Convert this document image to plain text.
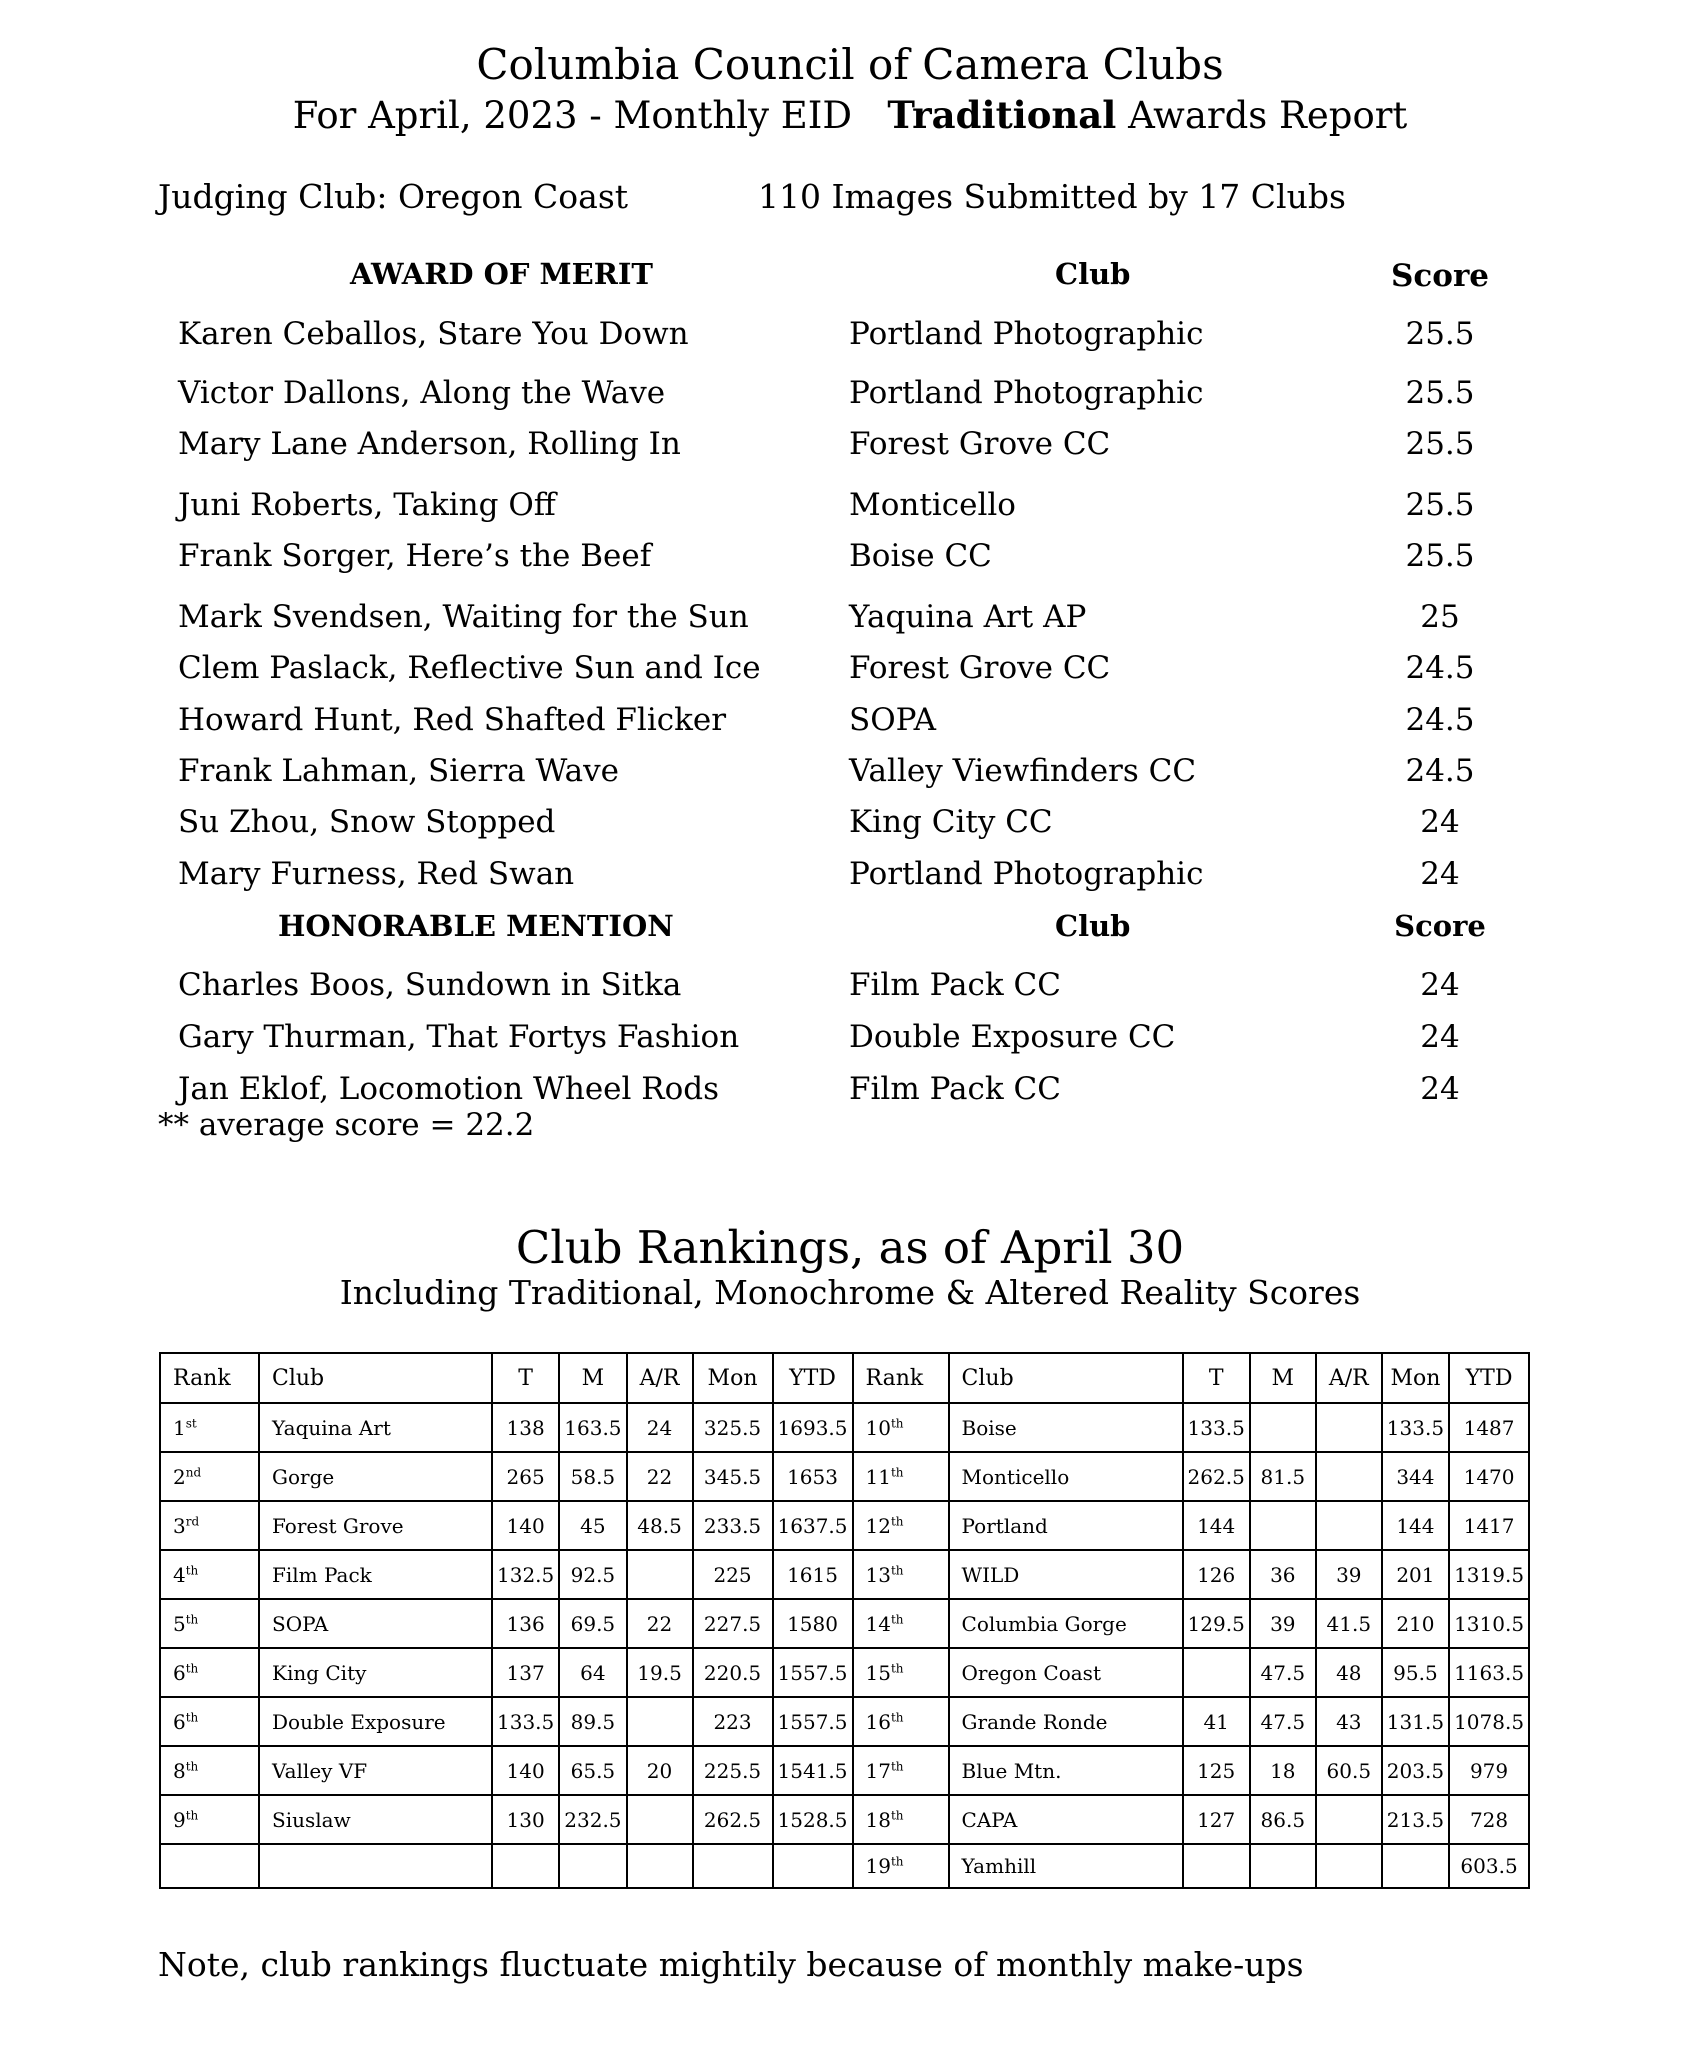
Columbia Council of Camera Clubs
For April, 2023 - Monthly EID Traditional Awards Report
Judging Club: Oregon Coast	110 Images Submitted by 17 Clubs
AWARD OF MERIT	Club	Score
Karen Ceballos, Stare You Down	Portland Photographic	25.5
Victor Dallons, Along the Wave	Portland Photographic	25.5
Mary Lane Anderson, Rolling In	Forest Grove CC	25.5
Juni Roberts, Taking Off	Monticello	25.5
Frank Sorger, Here’s the Beef	Boise CC	25.5
Mark Svendsen, Waiting for the Sun	Yaquina Art AP	25
Clem Paslack, Reflective Sun and Ice	Forest Grove CC	24.5
Howard Hunt, Red Shafted Flicker	SOPA	24.5
Frank Lahman, Sierra Wave	Valley Viewfinders CC	24.5
Su Zhou, Snow Stopped	King City CC	24
Mary Furness, Red Swan	Portland Photographic	24
HONORABLE MENTION	Club	Score
Charles Boos, Sundown in Sitka	Film Pack CC	24
Gary Thurman, That Fortys Fashion	Double Exposure CC	24
Jan Eklof, Locomotion Wheel Rods	Film Pack CC	24
** average score = 22.2
Club Rankings, as of April 30
Including Traditional, Monochrome & Altered Reality Scores
Rank	Club	T	M	A/R	Mon	YTD	Rank	Club	T	M	A/R	Mon	YTD
1st	Yaquina Art	138	163.5	24	325.5	1693.5	10th	Boise	133.5			133.5	1487
2nd	Gorge	265	58.5	22	345.5	1653	11th	Monticello	262.5	81.5		344	1470
3rd	Forest Grove	140	45	48.5	233.5	1637.5	12th	Portland	144			144	1417
4th	Film Pack	132.5	92.5		225	1615	13th	WILD	126	36	39	201	1319.5
5th	SOPA	136	69.5	22	227.5	1580	14th	Columbia Gorge	129.5	39	41.5	210	1310.5
6th	King City	137	64	19.5	220.5	1557.5	15th	Oregon Coast		47.5	48	95.5	1163.5
6th	Double Exposure	133.5	89.5		223	1557.5	16th	Grande Ronde	41	47.5	43	131.5	1078.5
8th	Valley VF	140	65.5	20	225.5	1541.5	17th	Blue Mtn.	125	18	60.5	203.5	979
9th	Siuslaw	130	232.5		262.5	1528.5	18th	CAPA	127	86.5		213.5	728
							19th	Yamhill					603.5
Note, club rankings fluctuate mightily because of monthly make-ups
